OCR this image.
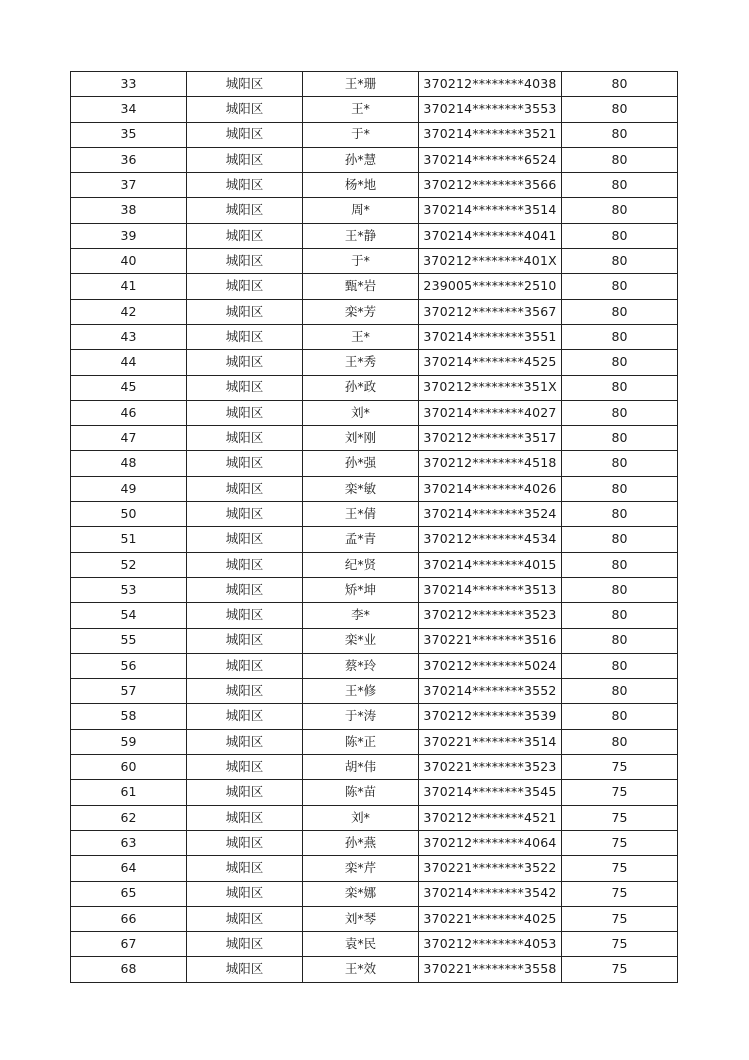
33	城阳区	王*珊	370212********4038	80
34	城阳区	王*	370214********3553	80
35	城阳区	于*	370214********3521	80
36	城阳区	孙*慧	370214********6524	80
37	城阳区	杨*地	370212********3566	80
38	城阳区	周*	370214********3514	80
39	城阳区	王*静	370214********4041	80
40	城阳区	于*	370212********401X	80
41	城阳区	甄*岩	239005********2510	80
42	城阳区	栾*芳	370212********3567	80
43	城阳区	王*	370214********3551	80
44	城阳区	王*秀	370214********4525	80
45	城阳区	孙*政	370212********351X	80
46	城阳区	刘*	370214********4027	80
47	城阳区	刘*刚	370212********3517	80
48	城阳区	孙*强	370212********4518	80
49	城阳区	栾*敏	370214********4026	80
50	城阳区	王*倩	370214********3524	80
51	城阳区	孟*青	370212********4534	80
52	城阳区	纪*贤	370214********4015	80
53	城阳区	矫*坤	370214********3513	80
54	城阳区	李*	370212********3523	80
55	城阳区	栾*业	370221********3516	80
56	城阳区	蔡*玲	370212********5024	80
57	城阳区	王*修	370214********3552	80
58	城阳区	于*涛	370212********3539	80
59	城阳区	陈*正	370221********3514	80
60	城阳区	胡*伟	370221********3523	75
61	城阳区	陈*苗	370214********3545	75
62	城阳区	刘*	370212********4521	75
63	城阳区	孙*燕	370212********4064	75
64	城阳区	栾*芹	370221********3522	75
65	城阳区	栾*娜	370214********3542	75
66	城阳区	刘*琴	370221********4025	75
67	城阳区	袁*民	370212********4053	75
68	城阳区	王*效	370221********3558	75
